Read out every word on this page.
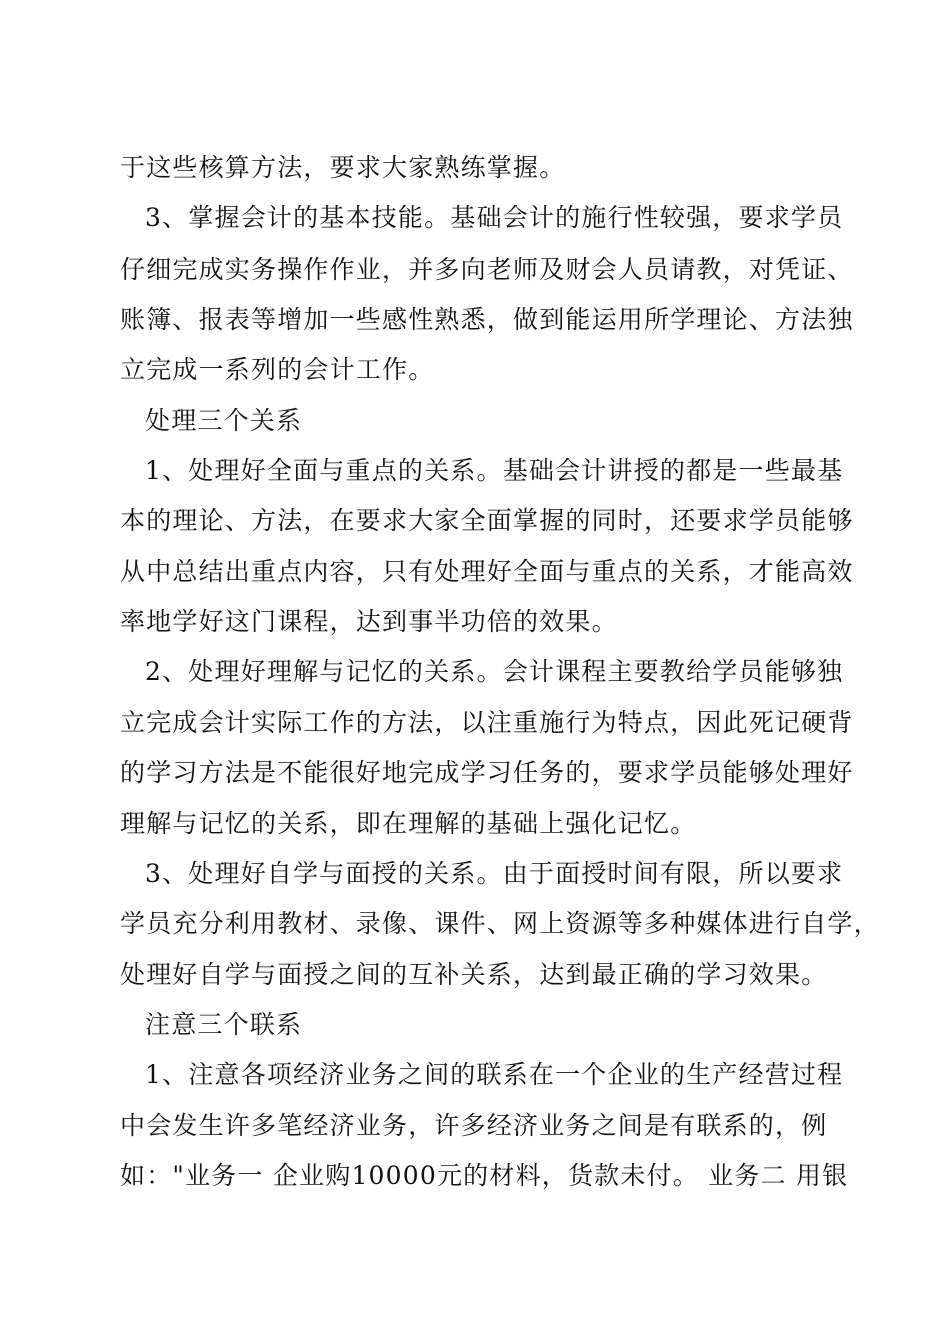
于这些核算方法，要求大家熟练掌握。
3、掌握会计的基本技能。基础会计的施行性较强，要求学员
仔细完成实务操作作业，并多向老师及财会人员请教，对凭证、
账簿、报表等增加一些感性熟悉，做到能运用所学理论、方法独
立完成一系列的会计工作。
处理三个关系
1、处理好全面与重点的关系。基础会计讲授的都是一些最基
本的理论、方法，在要求大家全面掌握的同时，还要求学员能够
从中总结出重点内容，只有处理好全面与重点的关系，才能高效
率地学好这门课程，达到事半功倍的效果。
2、处理好理解与记忆的关系。会计课程主要教给学员能够独
立完成会计实际工作的方法，以注重施行为特点，因此死记硬背
的学习方法是不能很好地完成学习任务的，要求学员能够处理好
理解与记忆的关系，即在理解的基础上强化记忆。
3、处理好自学与面授的关系。由于面授时间有限，所以要求
学员充分利用教材、录像、课件、网上资源等多种媒体进行自学，
处理好自学与面授之间的互补关系，达到最正确的学习效果。
注意三个联系
1、注意各项经济业务之间的联系在一个企业的生产经营过程
中会发生许多笔经济业务，许多经济业务之间是有联系的，例
如："业务一 企业购10000元的材料，货款未付。 业务二 用银
